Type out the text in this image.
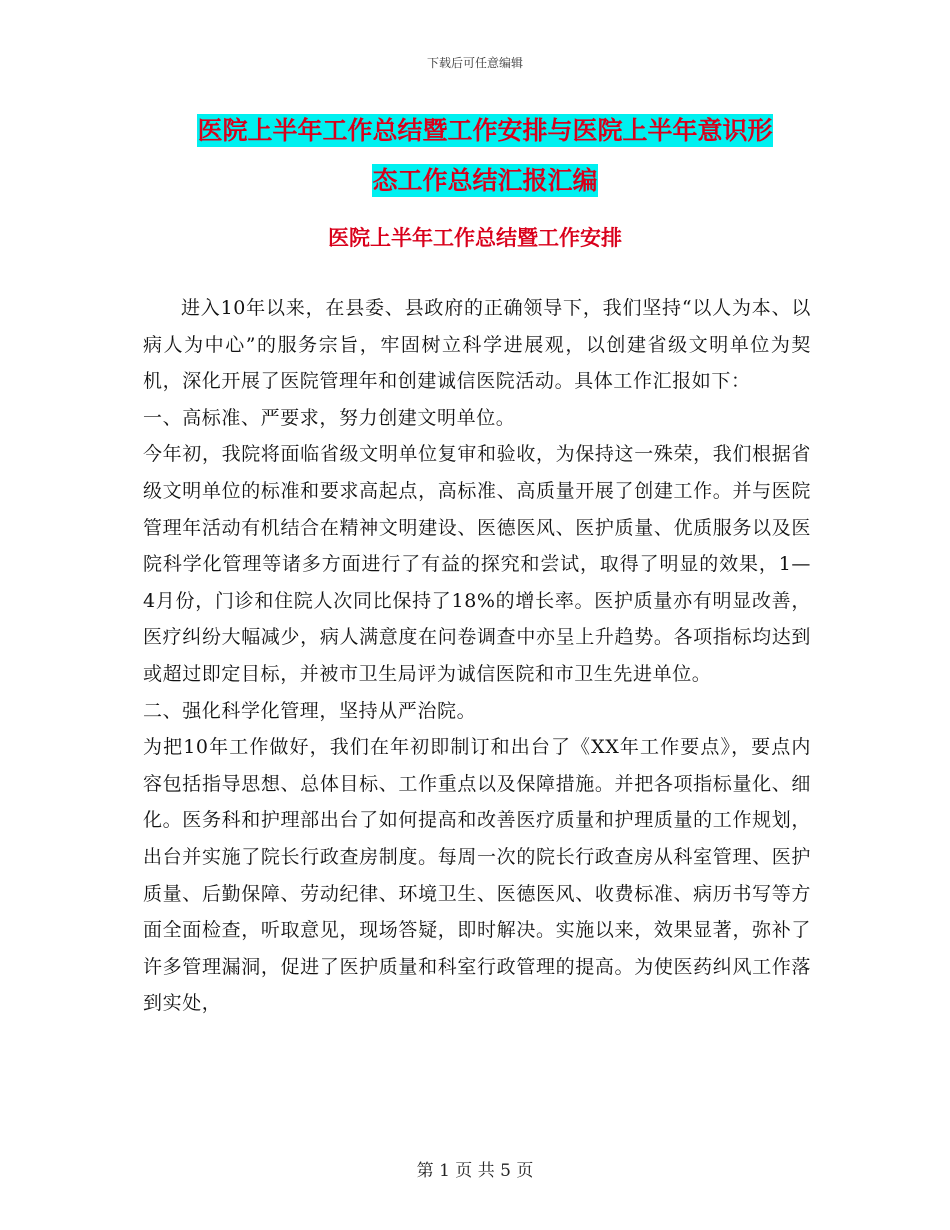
下载后可任意编辑
医院上半年工作总结暨工作安排与医院上半年意识形
态工作总结汇报汇编
医院上半年工作总结暨工作安排

进入10年以来，在县委、县政府的正确领导下，我们坚持“以人为本、以病人为中心”的服务宗旨，牢固树立科学进展观，以创建省级文明单位为契机，深化开展了医院管理年和创建诚信医院活动。具体工作汇报如下：

一、高标准、严要求，努力创建文明单位。

今年初，我院将面临省级文明单位复审和验收，为保持这一殊荣，我们根据省级文明单位的标准和要求高起点，高标准、高质量开展了创建工作。并与医院管理年活动有机结合在精神文明建设、医德医风、医护质量、优质服务以及医院科学化管理等诸多方面进行了有益的探究和尝试，取得了明显的效果，1—4月份，门诊和住院人次同比保持了18%的增长率。医护质量亦有明显改善，医疗纠纷大幅减少，病人满意度在问卷调查中亦呈上升趋势。各项指标均达到或超过即定目标，并被市卫生局评为诚信医院和市卫生先进单位。

二、强化科学化管理，坚持从严治院。

为把10年工作做好，我们在年初即制订和出台了《XX年工作要点》，要点内容包括指导思想、总体目标、工作重点以及保障措施。并把各项指标量化、细化。医务科和护理部出台了如何提高和改善医疗质量和护理质量的工作规划，出台并实施了院长行政查房制度。每周一次的院长行政查房从科室管理、医护质量、后勤保障、劳动纪律、环境卫生、医德医风、收费标准、病历书写等方面全面检查，听取意见，现场答疑，即时解决。实施以来，效果显著，弥补了许多管理漏洞，促进了医护质量和科室行政管理的提高。为使医药纠风工作落到实处，

第 1 页 共 5 页
